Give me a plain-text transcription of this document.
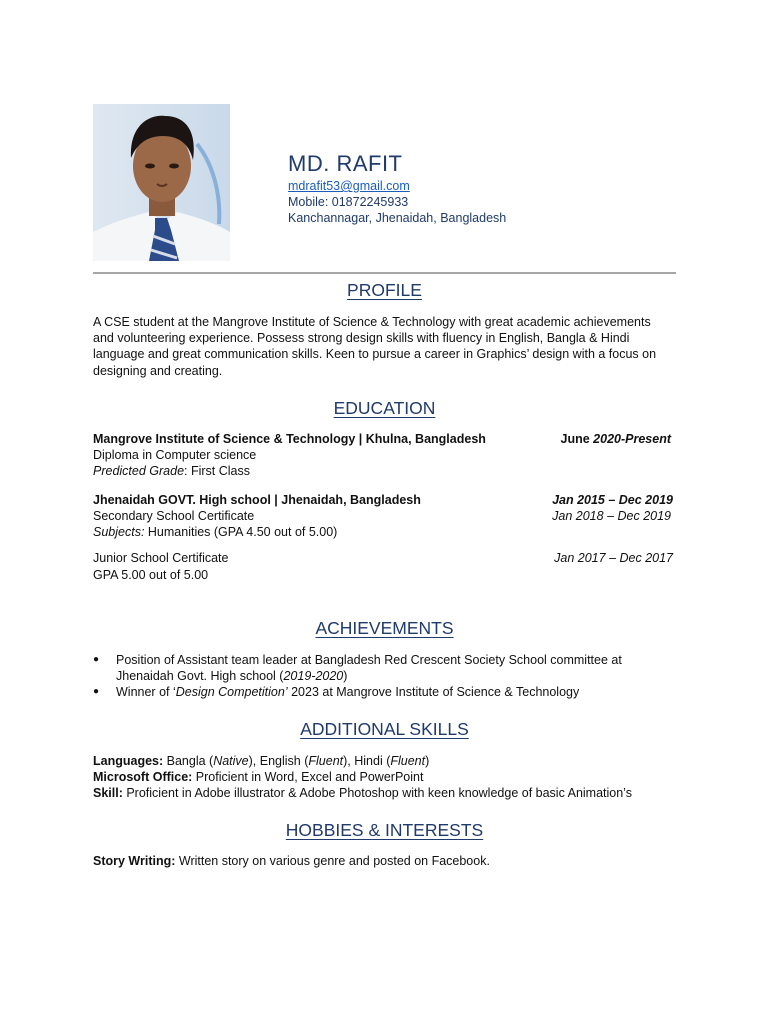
MD. RAFIT
mdrafit53@gmail.com
Mobile: 01872245933
Kanchannagar, Jhenaidah, Bangladesh
PROFILE
A CSE student at the Mangrove Institute of Science & Technology with great academic achievements
and volunteering experience. Possess strong design skills with fluency in English, Bangla & Hindi
language and great communication skills. Keen to pursue a career in Graphics’ design with a focus on
designing and creating.
EDUCATION
Mangrove Institute of Science & Technology | Khulna, Bangladesh	June 2020-Present
Diploma in Computer science
Predicted Grade: First Class
Jhenaidah GOVT. High school | Jhenaidah, Bangladesh	Jan 2015 – Dec 2019
Secondary School Certificate	Jan 2018 – Dec 2019
Subjects: Humanities (GPA 4.50 out of 5.00)
Junior School Certificate	Jan 2017 – Dec 2017
GPA 5.00 out of 5.00
ACHIEVEMENTS
● Position of Assistant team leader at Bangladesh Red Crescent Society School committee at
Jhenaidah Govt. High school (2019-2020)
● Winner of ‘Design Competition’ 2023 at Mangrove Institute of Science & Technology
ADDITIONAL SKILLS
Languages: Bangla (Native), English (Fluent), Hindi (Fluent)
Microsoft Office: Proficient in Word, Excel and PowerPoint
Skill: Proficient in Adobe illustrator & Adobe Photoshop with keen knowledge of basic Animation’s
HOBBIES & INTERESTS
Story Writing: Written story on various genre and posted on Facebook.
